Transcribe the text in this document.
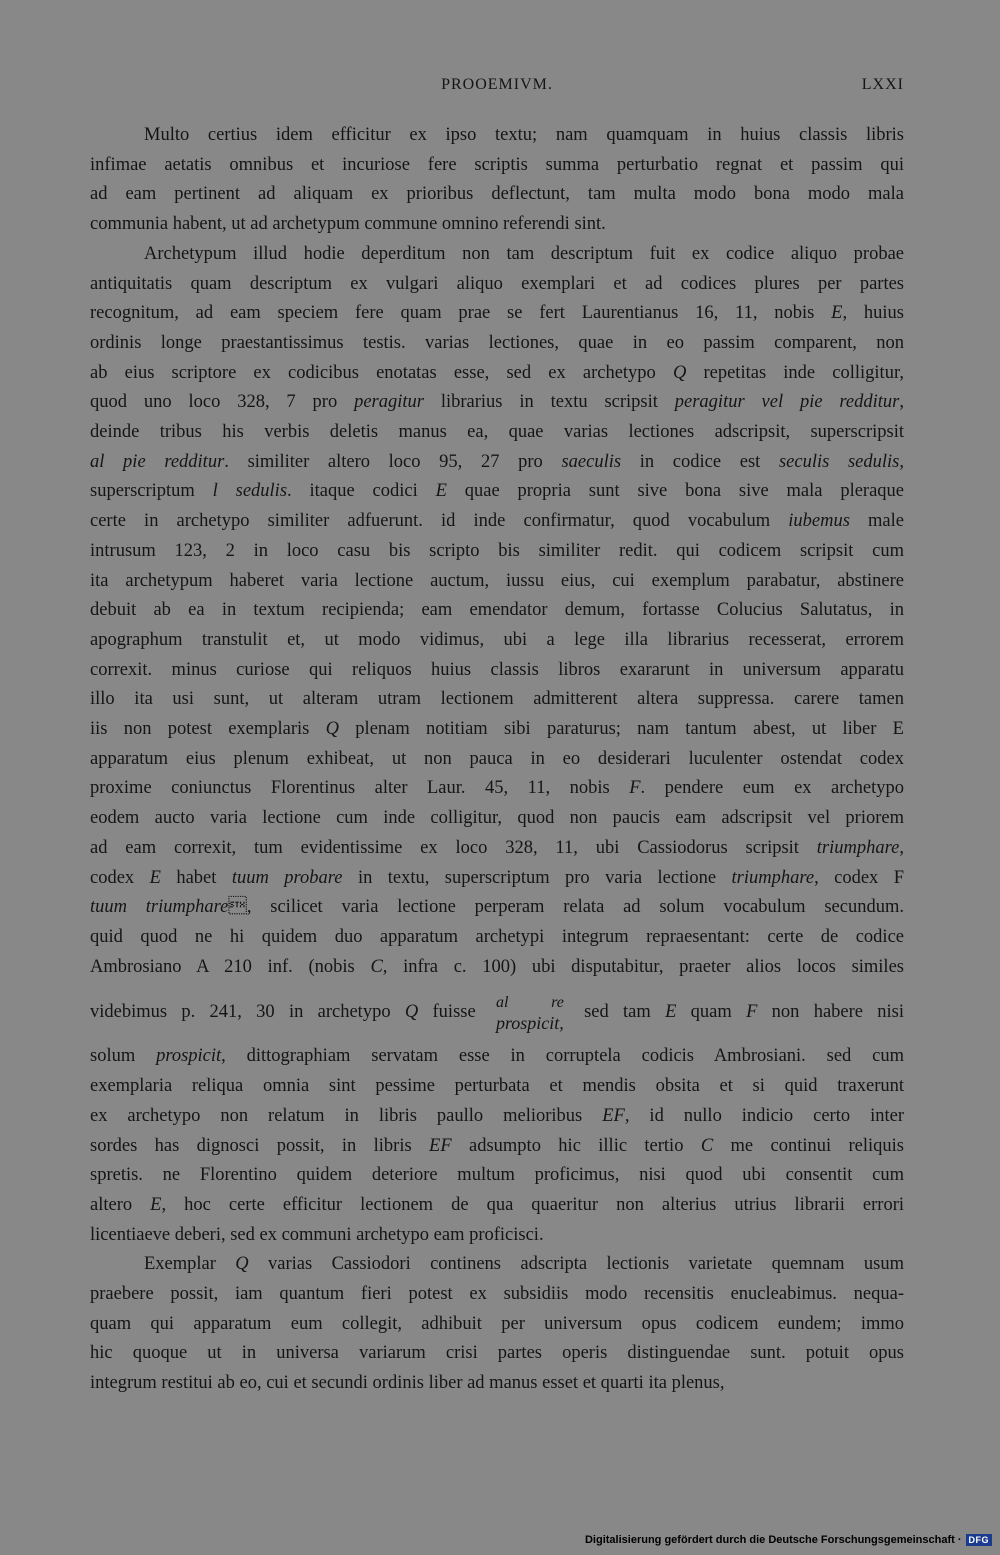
PROOEMIVM.	LXXI
Multo certius idem efficitur ex ipso textu; nam quamquam in huius classis libris
infimae aetatis omnibus et incuriose fere scriptis summa perturbatio regnat et passim qui
ad eam pertinent ad aliquam ex prioribus deflectunt, tam multa modo bona modo mala
communia habent, ut ad archetypum commune omnino referendi sint.
Archetypum illud hodie deperditum non tam descriptum fuit ex codice aliquo probae
antiquitatis quam descriptum ex vulgari aliquo exemplari et ad codices plures per partes
recognitum, ad eam speciem fere quam prae se fert Laurentianus 16, 11, nobis E, huius
ordinis longe praestantissimus testis. varias lectiones, quae in eo passim comparent, non
ab eius scriptore ex codicibus enotatas esse, sed ex archetypo Q repetitas inde colligitur,
quod uno loco 328, 7 pro peragitur librarius in textu scripsit peragitur vel pie redditur,
deinde tribus his verbis deletis manus ea, quae varias lectiones adscripsit, superscripsit
al pie redditur. similiter altero loco 95, 27 pro saeculis in codice est seculis sedulis,
superscriptum l sedulis. itaque codici E quae propria sunt sive bona sive mala pleraque
certe in archetypo similiter adfuerunt. id inde confirmatur, quod vocabulum iubemus male
intrusum 123, 2 in loco casu bis scripto bis similiter redit. qui codicem scripsit cum
ita archetypum haberet varia lectione auctum, iussu eius, cui exemplum parabatur, abstinere
debuit ab ea in textum recipienda; eam emendator demum, fortasse Colucius Salutatus, in
apographum transtulit et, ut modo vidimus, ubi a lege illa librarius recesserat, errorem
correxit. minus curiose qui reliquos huius classis libros exararunt in universum apparatu
illo ita usi sunt, ut alteram utram lectionem admitterent altera suppressa. carere tamen
iis non potest exemplaris Q plenam notitiam sibi paraturus; nam tantum abest, ut liber E
apparatum eius plenum exhibeat, ut non pauca in eo desiderari luculenter ostendat codex
proxime coniunctus Florentinus alter Laur. 45, 11, nobis F. pendere eum ex archetypo
eodem aucto varia lectione cum inde colligitur, quod non paucis eam adscripsit vel priorem
ad eam correxit, tum evidentissime ex loco 328, 11, ubi Cassiodorus scripsit triumphare,
codex E habet tuum probare in textu, superscriptum pro varia lectione triumphare, codex F
tuum triumphare, scilicet varia lectione perperam relata ad solum vocabulum secundum.
quid quod ne hi quidem duo apparatum archetypi integrum repraesentant: certe de codice
Ambrosiano A 210 inf. (nobis C, infra c. 100) ubi disputabitur, praeter alios locos similes
videbimus p. 241, 30 in archetypo Q fuisse al re
prospicit,
sed tam E quam F non habere nisi
solum prospicit, dittographiam servatam esse in corruptela codicis Ambrosiani. sed cum
exemplaria reliqua omnia sint pessime perturbata et mendis obsita et si quid traxerunt
ex archetypo non relatum in libris paullo melioribus EF, id nullo indicio certo inter
sordes has dignosci possit, in libris EF adsumpto hic illic tertio C me continui reliquis
spretis. ne Florentino quidem deteriore multum proficimus, nisi quod ubi consentit cum
altero E, hoc certe efficitur lectionem de qua quaeritur non alterius utrius librarii errori
licentiaeve deberi, sed ex communi archetypo eam proficisci.
Exemplar Q varias Cassiodori continens adscripta lectionis varietate quemnam usum
praebere possit, iam quantum fieri potest ex subsidiis modo recensitis enucleabimus. nequa-
quam qui apparatum eum collegit, adhibuit per universum opus codicem eundem; immo
hic quoque ut in universa variarum crisi partes operis distinguendae sunt. potuit opus
integrum restitui ab eo, cui et secundi ordinis liber ad manus esset et quarti ita plenus,
Digitalisierung gefördert durch die Deutsche Forschungsgemeinschaft · DFG
